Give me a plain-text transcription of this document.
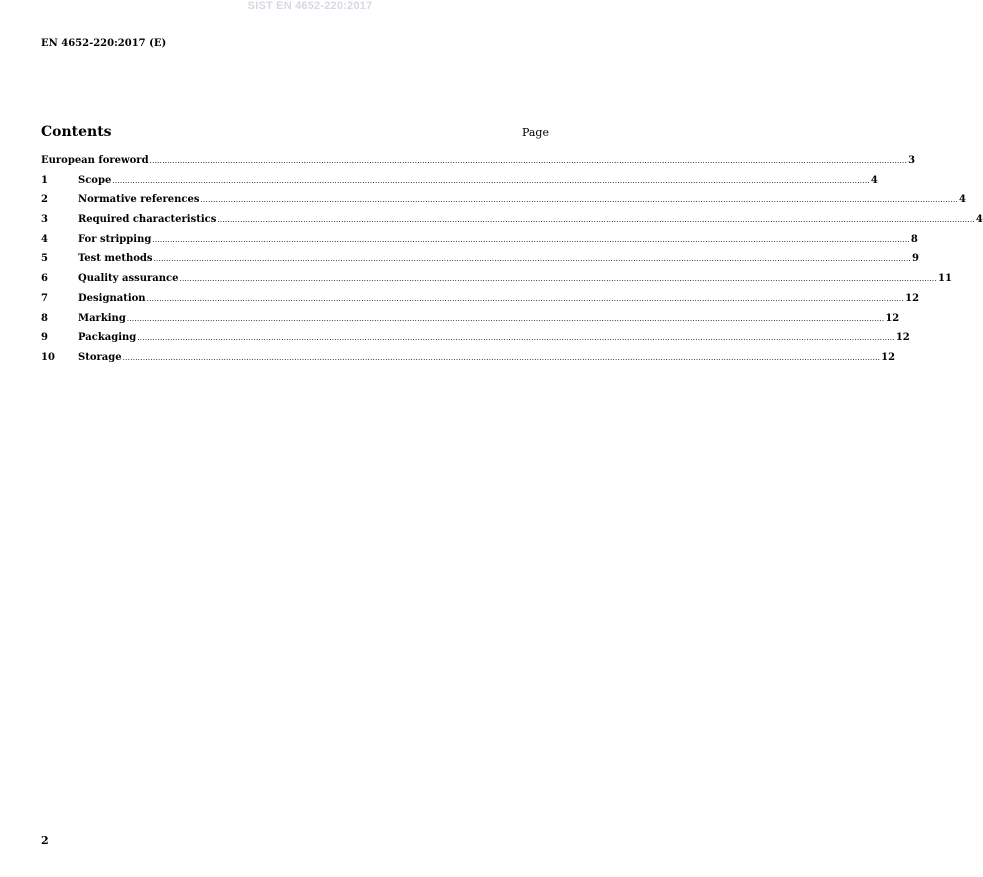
SIST EN 4652-220:2017
EN 4652-220:2017 (E)
Contents	Page
European foreword ............................................................................................................................................................................................................................................................................................................ 3
1	Scope ............................................................................................................................................................................................................................................................................................................ 4
2	Normative references ............................................................................................................................................................................................................................................................................................................ 4
3	Required characteristics ............................................................................................................................................................................................................................................................................................................ 4
4	For stripping ............................................................................................................................................................................................................................................................................................................ 8
5	Test methods ............................................................................................................................................................................................................................................................................................................ 9
6	Quality assurance ............................................................................................................................................................................................................................................................................................................ 11
7	Designation ............................................................................................................................................................................................................................................................................................................ 12
8	Marking ............................................................................................................................................................................................................................................................................................................ 12
9	Packaging ............................................................................................................................................................................................................................................................................................................ 12
10	Storage ............................................................................................................................................................................................................................................................................................................ 12
2
